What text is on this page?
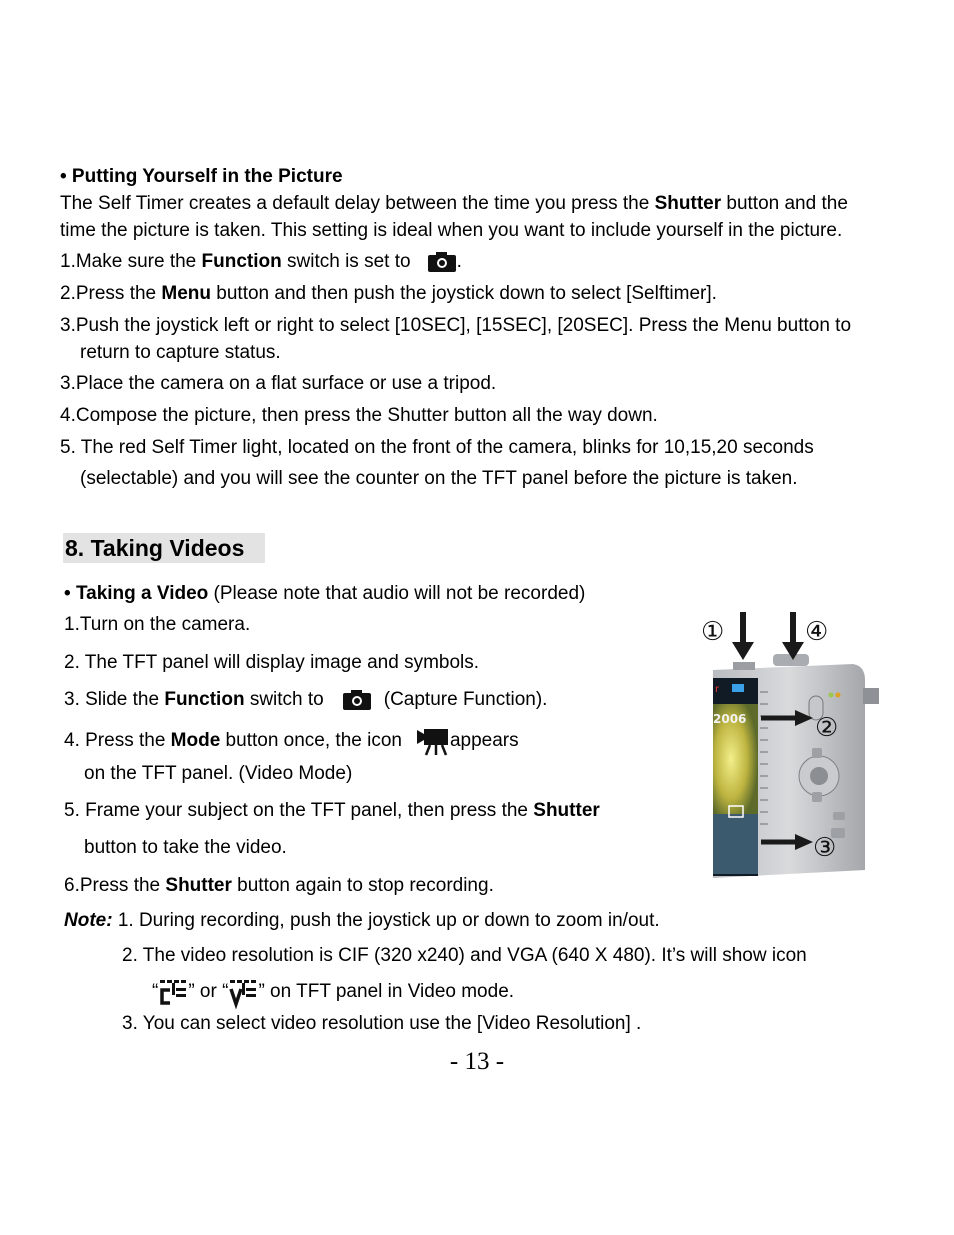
• Putting Yourself in the Picture
The Self Timer creates a default delay between the time you press the Shutter button and the
time the picture is taken. This setting is ideal when you want to include yourself in the picture.
1.Make sure the Function switch is set to .
2.Press the Menu button and then push the joystick down to select [Selftimer].
3.Push the joystick left or right to select [10SEC], [15SEC], [20SEC]. Press the Menu button to
return to capture status.
3.Place the camera on a flat surface or use a tripod.
4.Compose the picture, then press the Shutter button all the way down.
5. The red Self Timer light, located on the front of the camera, blinks for 10,15,20 seconds
(selectable) and you will see the counter on the TFT panel before the picture is taken.
8. Taking Videos
• Taking a Video (Please note that audio will not be recorded)
1.Turn on the camera.
2. The TFT panel will display image and symbols.
3. Slide the Function switch to	(Capture Function).
4. Press the Mode button once, the icon	appears
on the TFT panel. (Video Mode)
5. Frame your subject on the TFT panel, then press the Shutter
button to take the video.
6.Press the Shutter button again to stop recording.
Note: 1. During recording, push the joystick up or down to zoom in/out.
2. The video resolution is CIF (320 x240) and VGA (640 X 480). It’s will show icon
“ ” or “ ” on TFT panel in Video mode.
3. You can select video resolution use the [Video Resolution] .
- 13 -
r
2006
①	④
②
③
